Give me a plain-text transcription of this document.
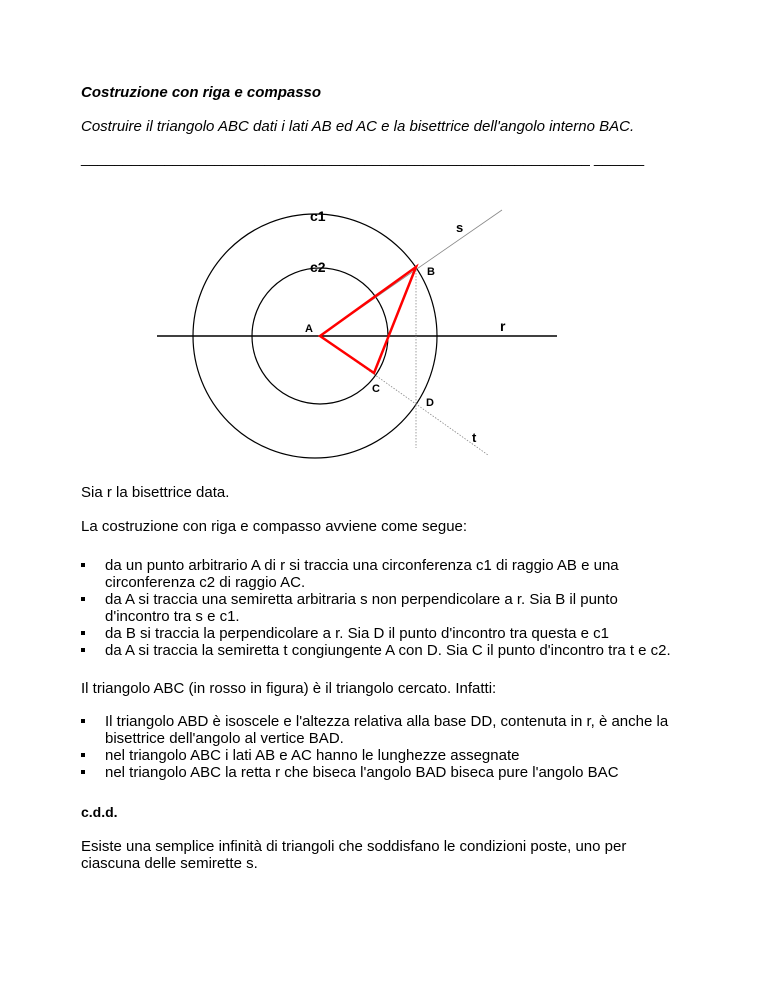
Costruzione con riga e compasso

Costruire il triangolo ABC dati i lati AB ed AC e la bisettrice dell'angolo interno BAC.

_____________________________________________________________ ______

c1
s
c2	B
A	r
C
D
t

Sia r la bisettrice data.

La costruzione con riga e compasso avviene come segue:

da un punto arbitrario A di r si traccia una circonferenza c1 di raggio AB e una circonferenza c2 di raggio AC.
da A si traccia una semiretta arbitraria s non perpendicolare a r. Sia B il punto d'incontro tra s e c1.
da B si traccia la perpendicolare a r. Sia D il punto d'incontro tra questa e c1
da A si traccia la semiretta t congiungente A con D. Sia C il punto d'incontro tra t e c2.

Il triangolo ABC (in rosso in figura) è il triangolo cercato. Infatti:

Il triangolo ABD è isoscele e l'altezza relativa alla base DD, contenuta in r, è anche la bisettrice dell'angolo al vertice BAD.
nel triangolo ABC i lati AB e AC hanno le lunghezze assegnate
nel triangolo ABC la retta r che biseca l'angolo BAD biseca pure l'angolo BAC

c.d.d.

Esiste una semplice infinità di triangoli che soddisfano le condizioni poste, uno per ciascuna delle semirette s.
